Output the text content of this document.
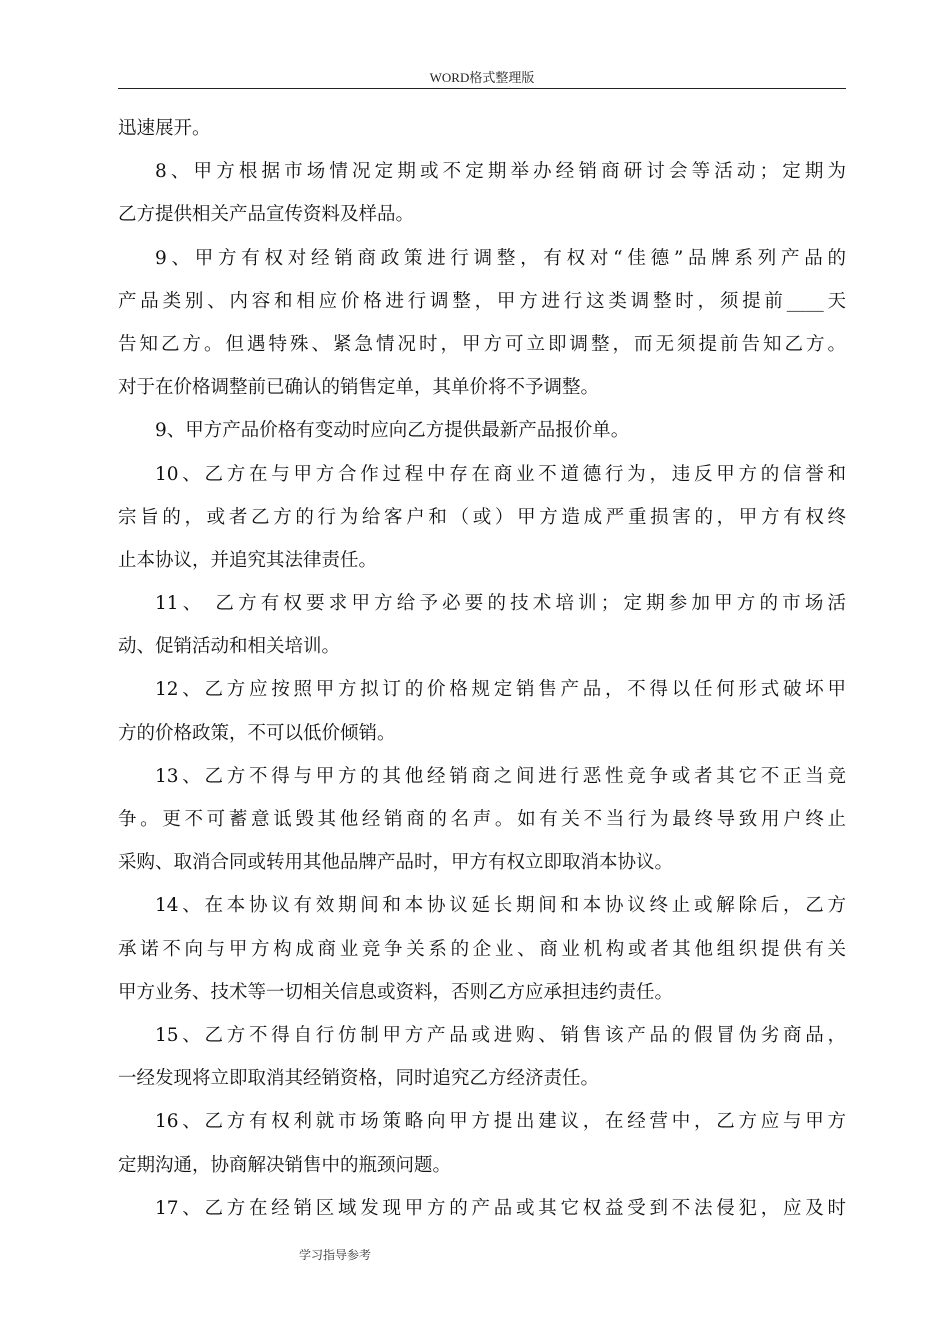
WORD格式整理版
迅速展开。
8、甲方根据市场情况定期或不定期举办经销商研讨会等活动；定期为
乙方提供相关产品宣传资料及样品。
9、甲方有权对经销商政策进行调整，有权对“佳德”品牌系列产品的
产品类别、内容和相应价格进行调整，甲方进行这类调整时，须提前____天
告知乙方。但遇特殊、紧急情况时，甲方可立即调整，而无须提前告知乙方。
对于在价格调整前已确认的销售定单，其单价将不予调整。
9、甲方产品价格有变动时应向乙方提供最新产品报价单。
10、乙方在与甲方合作过程中存在商业不道德行为，违反甲方的信誉和
宗旨的，或者乙方的行为给客户和（或）甲方造成严重损害的，甲方有权终
止本协议，并追究其法律责任。
11、 乙方有权要求甲方给予必要的技术培训；定期参加甲方的市场活
动、促销活动和相关培训。
12、乙方应按照甲方拟订的价格规定销售产品，不得以任何形式破坏甲
方的价格政策，不可以低价倾销。
13、乙方不得与甲方的其他经销商之间进行恶性竞争或者其它不正当竞
争。更不可蓄意诋毁其他经销商的名声。如有关不当行为最终导致用户终止
采购、取消合同或转用其他品牌产品时，甲方有权立即取消本协议。
14、在本协议有效期间和本协议延长期间和本协议终止或解除后，乙方
承诺不向与甲方构成商业竞争关系的企业、商业机构或者其他组织提供有关
甲方业务、技术等一切相关信息或资料，否则乙方应承担违约责任。
15、乙方不得自行仿制甲方产品或进购、销售该产品的假冒伪劣商品，
一经发现将立即取消其经销资格，同时追究乙方经济责任。
16、乙方有权利就市场策略向甲方提出建议，在经营中，乙方应与甲方
定期沟通，协商解决销售中的瓶颈问题。
17、乙方在经销区域发现甲方的产品或其它权益受到不法侵犯，应及时
学习指导参考
